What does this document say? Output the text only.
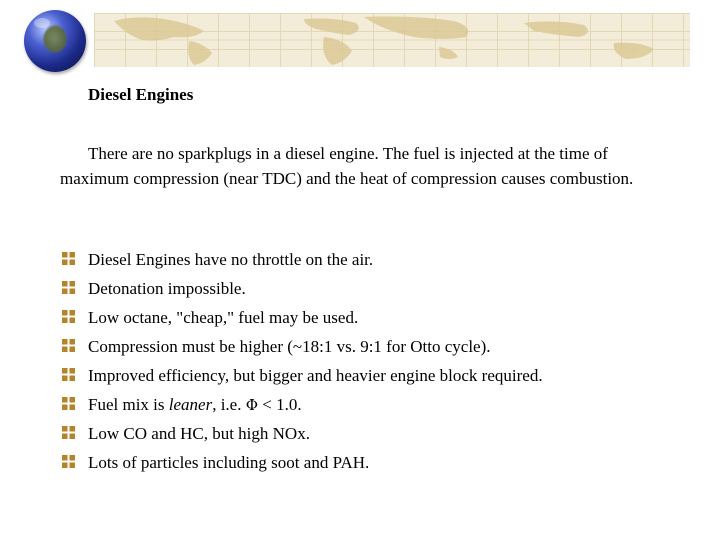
Diesel Engines

There are no sparkplugs in a diesel engine. The fuel is injected at the time of maximum compression (near TDC) and the heat of compression causes combustion.

Diesel Engines have no throttle on the air.
Detonation impossible.
Low octane, "cheap," fuel may be used.
Compression must be higher (~18:1 vs. 9:1 for Otto cycle).
Improved efficiency, but bigger and heavier engine block required.
Fuel mix is leaner, i.e. Φ < 1.0.
Low CO and HC, but high NOx.
Lots of particles including soot and PAH.
